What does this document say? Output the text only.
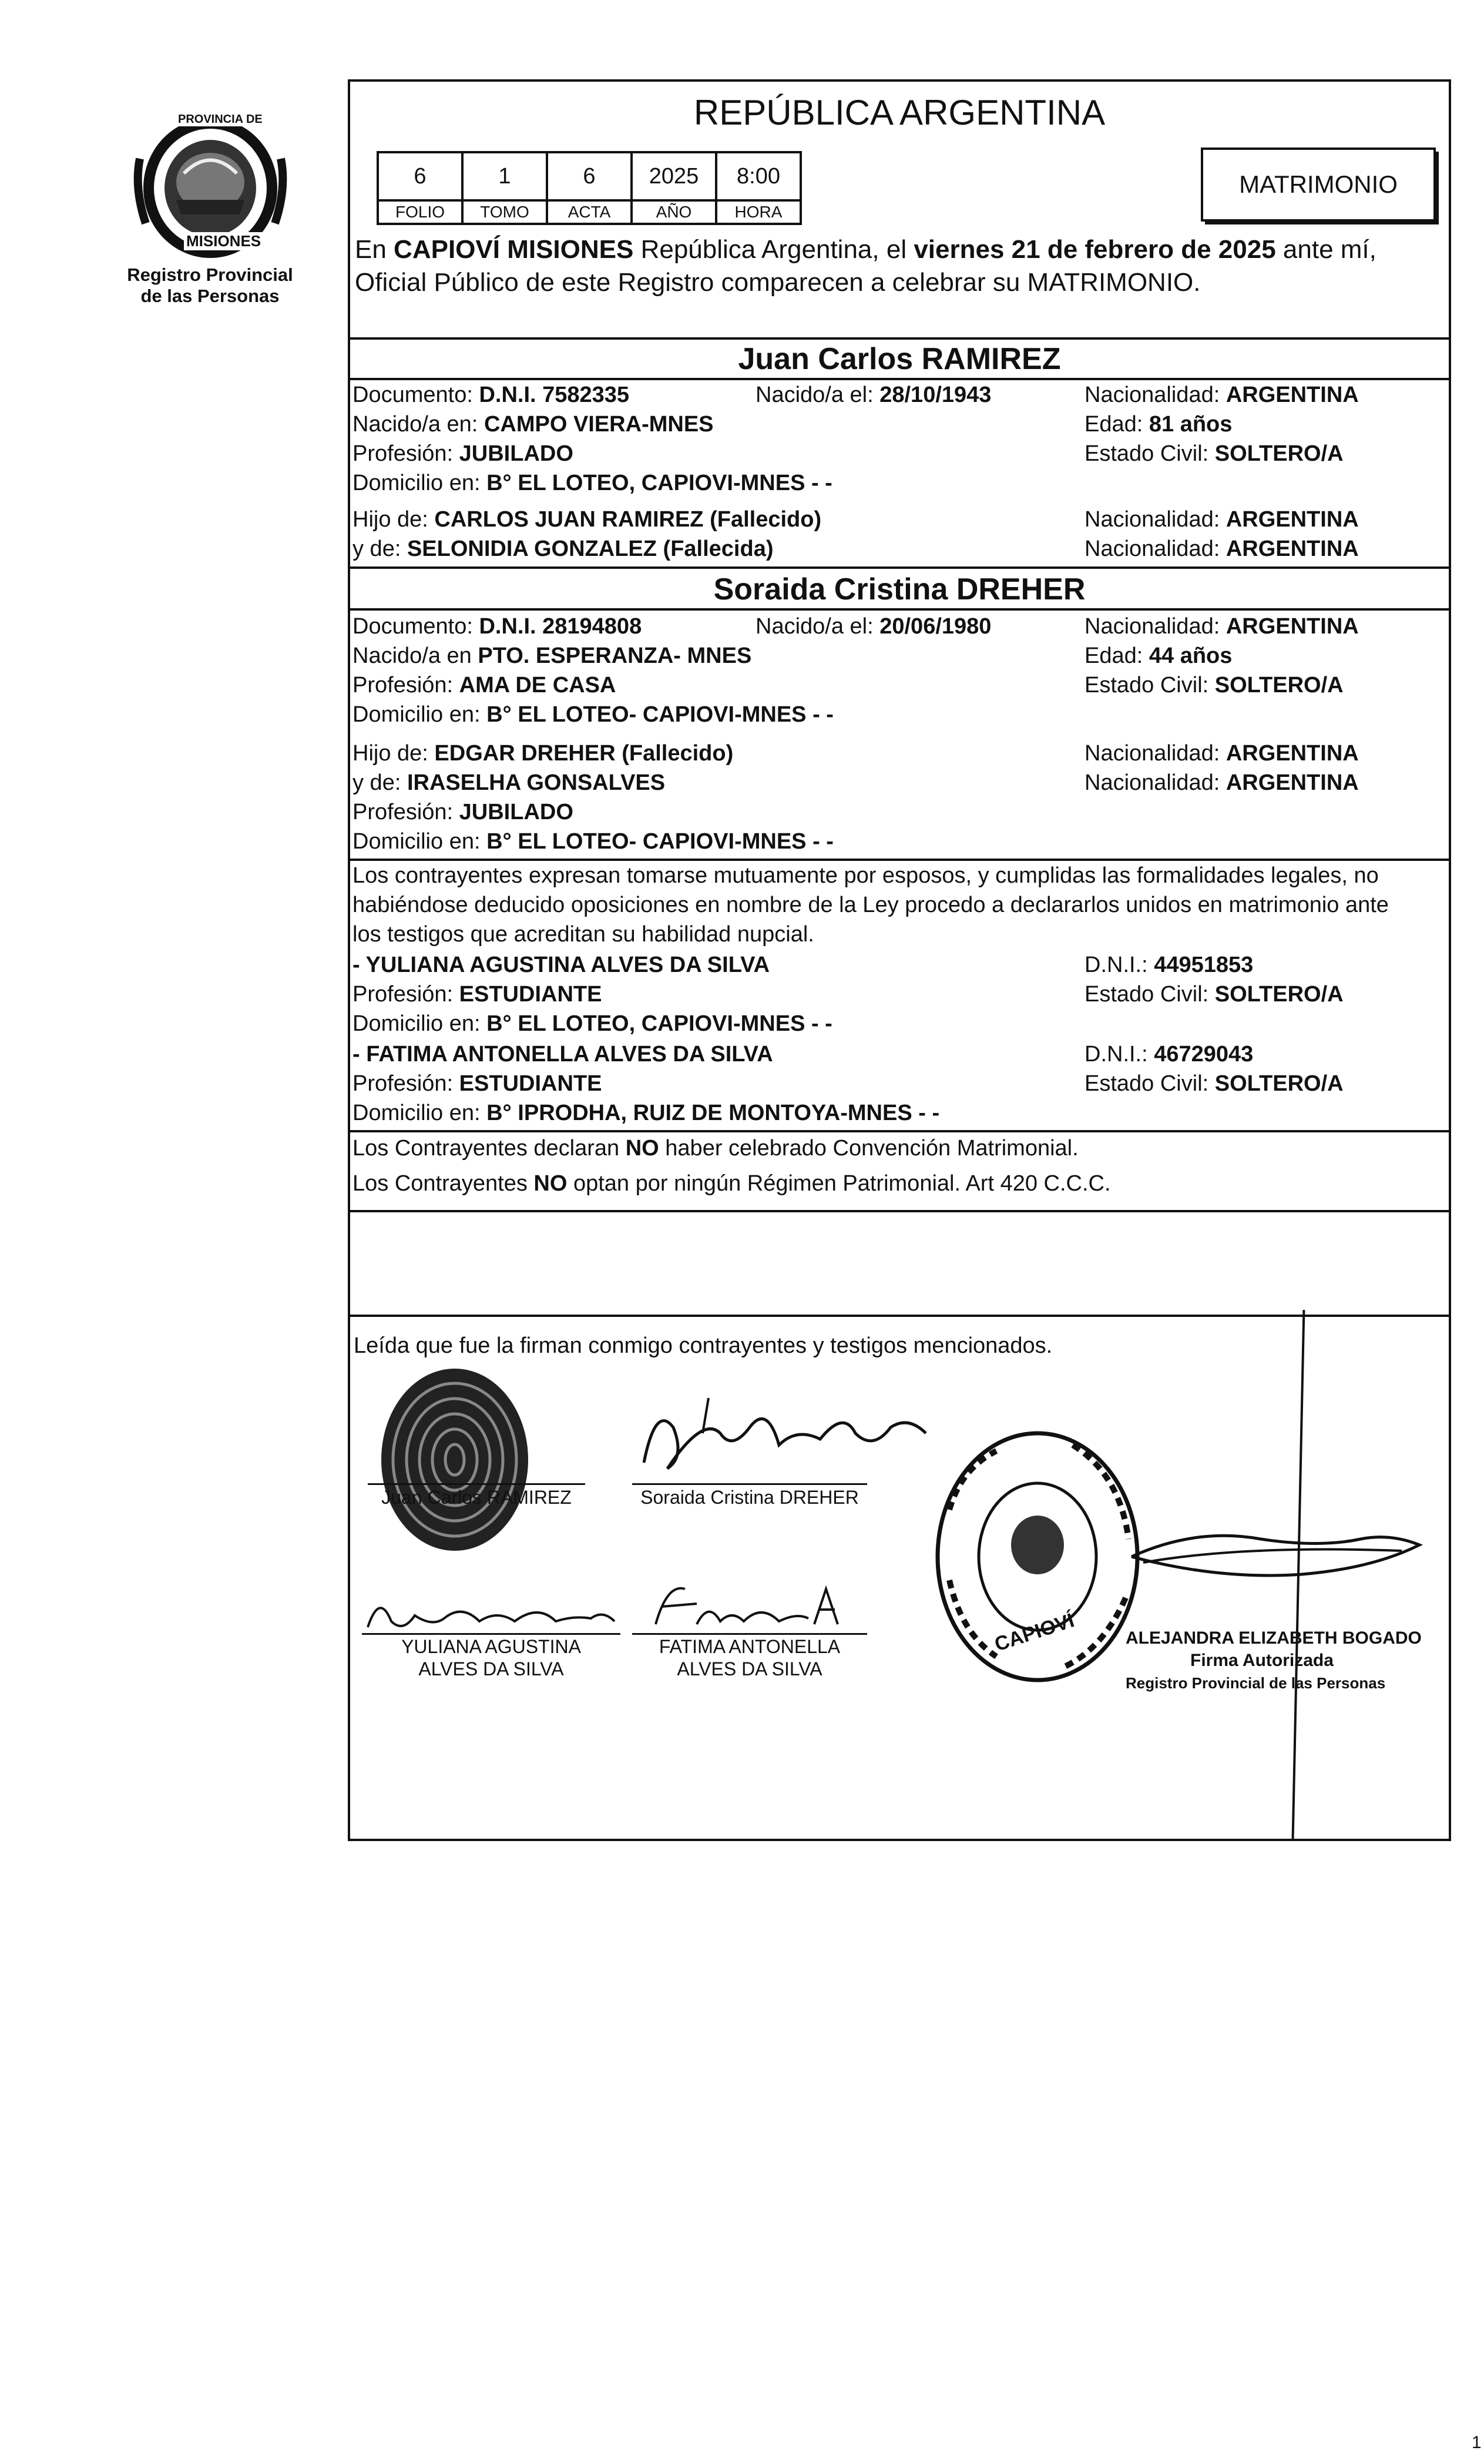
MISIONES
PROVINCIA DE
Registro Provincial
de las Personas
REPÚBLICA ARGENTINA
6	1	6	2025	8:00
FOLIO	TOMO	ACTA	AÑO	HORA
MATRIMONIO
En CAPIOVÍ MISIONES República Argentina, el viernes 21 de febrero de 2025 ante mí,
Oficial Público de este Registro comparecen a celebrar su MATRIMONIO.
Juan Carlos RAMIREZ
Documento: D.N.I. 7582335	Nacido/a el: 28/10/1943	Nacionalidad: ARGENTINA
Nacido/a en: CAMPO VIERA-MNES	Edad: 81 años
Profesión: JUBILADO	Estado Civil: SOLTERO/A
Domicilio en: B° EL LOTEO, CAPIOVI-MNES - -
Hijo de: CARLOS JUAN RAMIREZ (Fallecido)	Nacionalidad: ARGENTINA
y de: SELONIDIA GONZALEZ (Fallecida)	Nacionalidad: ARGENTINA
Soraida Cristina DREHER
Documento: D.N.I. 28194808	Nacido/a el: 20/06/1980	Nacionalidad: ARGENTINA
Nacido/a en PTO. ESPERANZA- MNES	Edad: 44 años
Profesión: AMA DE CASA	Estado Civil: SOLTERO/A
Domicilio en: B° EL LOTEO- CAPIOVI-MNES - -
Hijo de: EDGAR DREHER (Fallecido)	Nacionalidad: ARGENTINA
y de: IRASELHA GONSALVES	Nacionalidad: ARGENTINA
Profesión: JUBILADO
Domicilio en: B° EL LOTEO- CAPIOVI-MNES - -
Los contrayentes expresan tomarse mutuamente por esposos, y cumplidas las formalidades legales, no
habiéndose deducido oposiciones en nombre de la Ley procedo a declararlos unidos en matrimonio ante
los testigos que acreditan su habilidad nupcial.
- YULIANA AGUSTINA ALVES DA SILVA	D.N.I.: 44951853
Profesión: ESTUDIANTE	Estado Civil: SOLTERO/A
Domicilio en: B° EL LOTEO, CAPIOVI-MNES - -
- FATIMA ANTONELLA ALVES DA SILVA	D.N.I.: 46729043
Profesión: ESTUDIANTE	Estado Civil: SOLTERO/A
Domicilio en: B° IPRODHA, RUIZ DE MONTOYA-MNES - -
Los Contrayentes declaran NO haber celebrado Convención Matrimonial.
Los Contrayentes NO optan por ningún Régimen Patrimonial. Art 420 C.C.C.
Leída que fue la firman conmigo contrayentes y testigos mencionados.
Juan Carlos RAMIREZ	Soraida Cristina DREHER
YULIANA AGUSTINA
ALVES DA SILVA
FATIMA ANTONELLA
ALVES DA SILVA
CAPIOVÍ	ALEJANDRA ELIZABETH BOGADO
Firma Autorizada
Registro Provincial de las Personas
1
